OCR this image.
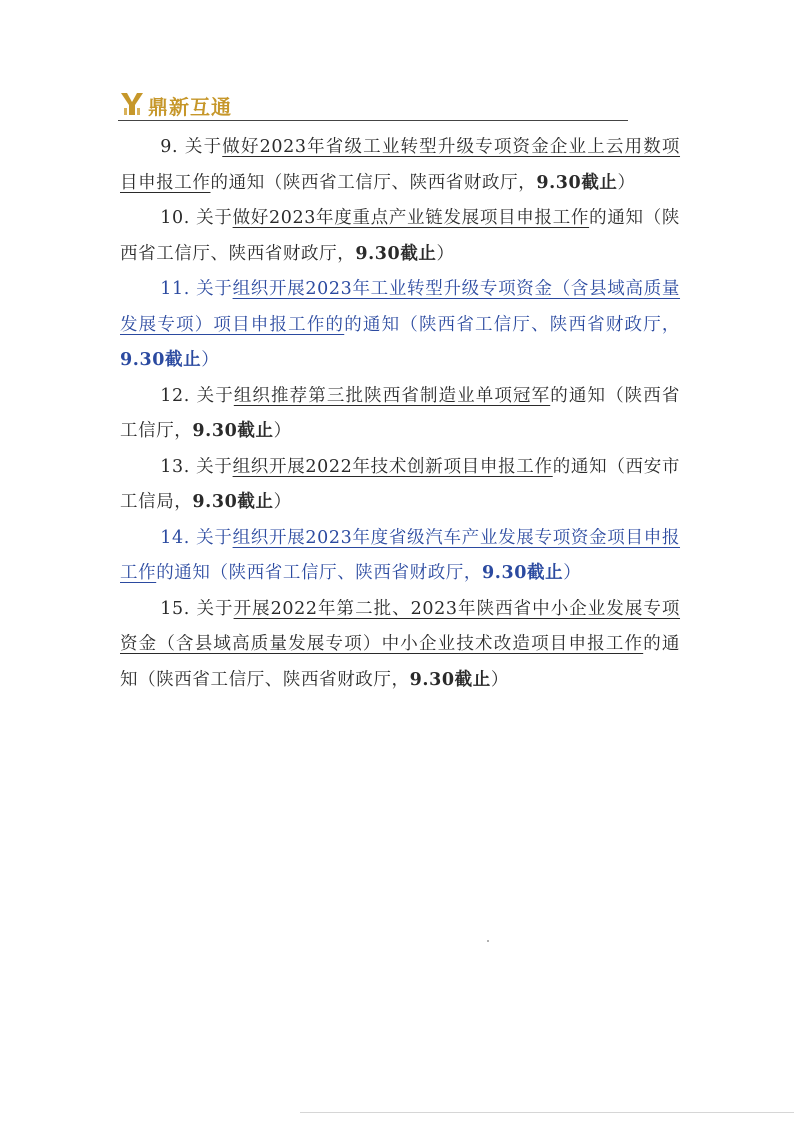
鼎新互通

9. 关于做好2023年省级工业转型升级专项资金企业上云用数项目申报工作的通知（陕西省工信厅、陕西省财政厅，9.30截止）

10. 关于做好2023年度重点产业链发展项目申报工作的通知（陕西省工信厅、陕西省财政厅，9.30截止）

11. 关于组织开展2023年工业转型升级专项资金（含县域高质量发展专项）项目申报工作的的通知（陕西省工信厅、陕西省财政厅，9.30截止）

12. 关于组织推荐第三批陕西省制造业单项冠军的通知（陕西省工信厅，9.30截止）

13. 关于组织开展2022年技术创新项目申报工作的通知（西安市工信局，9.30截止）

14. 关于组织开展2023年度省级汽车产业发展专项资金项目申报工作的通知（陕西省工信厅、陕西省财政厅，9.30截止）

15. 关于开展2022年第二批、2023年陕西省中小企业发展专项资金（含县域高质量发展专项）中小企业技术改造项目申报工作的通知（陕西省工信厅、陕西省财政厅，9.30截止）
